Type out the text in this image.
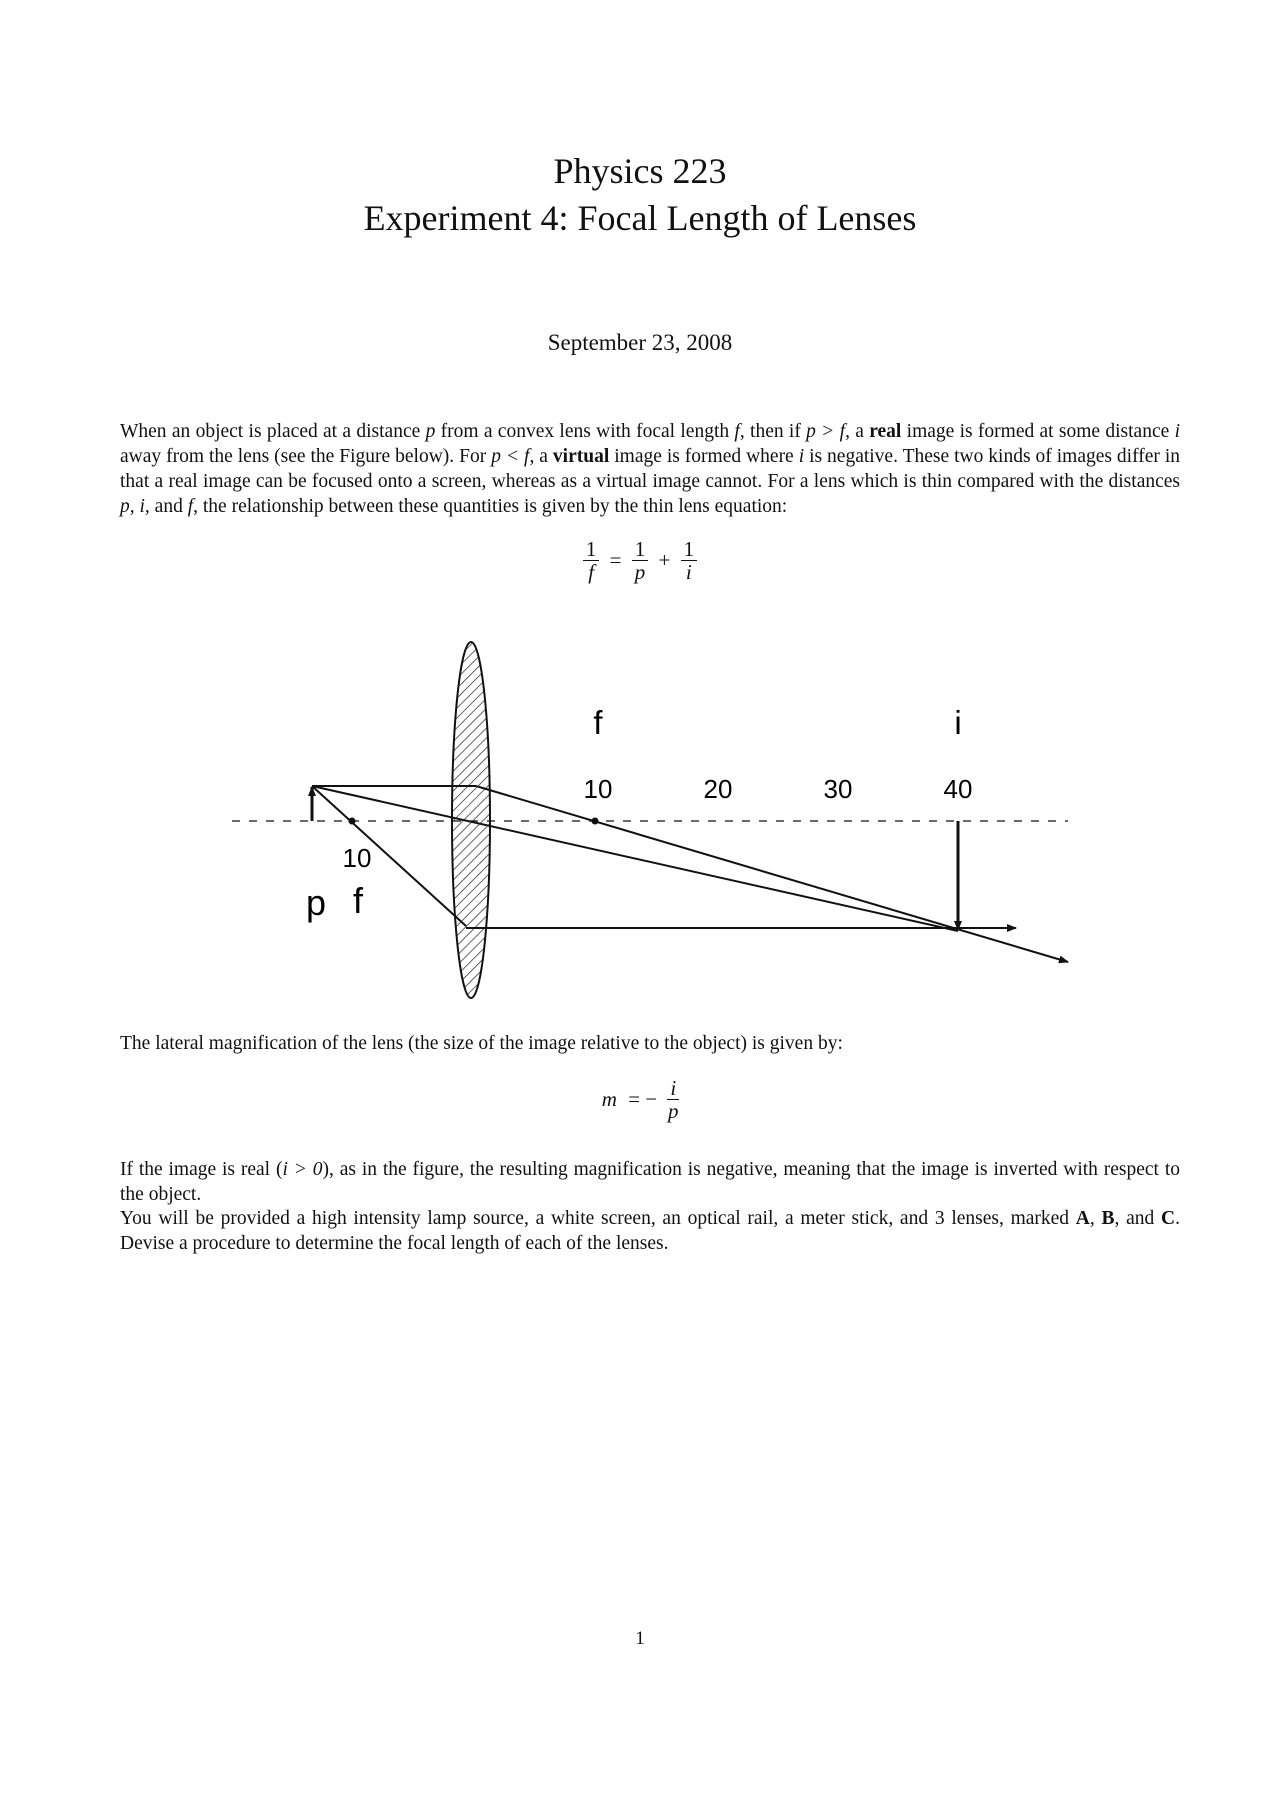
Physics 223
Experiment 4: Focal Length of Lenses
September 23, 2008
When an object is placed at a distance p from a convex lens with focal length f, then if p > f, a real image is formed at some distance i away from the lens (see the Figure below). For p < f, a virtual image is formed where i is negative. These two kinds of images differ in that a real image can be focused onto a screen, whereas as a virtual image cannot. For a lens which is thin compared with the distances p, i, and f, the relationship between these quantities is given by the thin lens equation:
$\frac{1}{f} = \frac{1}{p} + \frac{1}{i}$
f	i
10	20	30	40
10
p f
The lateral magnification of the lens (the size of the image relative to the object) is given by:
m = − $\frac{i}{p}$
If the image is real (i > 0), as in the figure, the resulting magnification is negative, meaning that the image is inverted with respect to the object.
You will be provided a high intensity lamp source, a white screen, an optical rail, a meter stick, and 3 lenses, marked A, B, and C. Devise a procedure to determine the focal length of each of the lenses.
1
